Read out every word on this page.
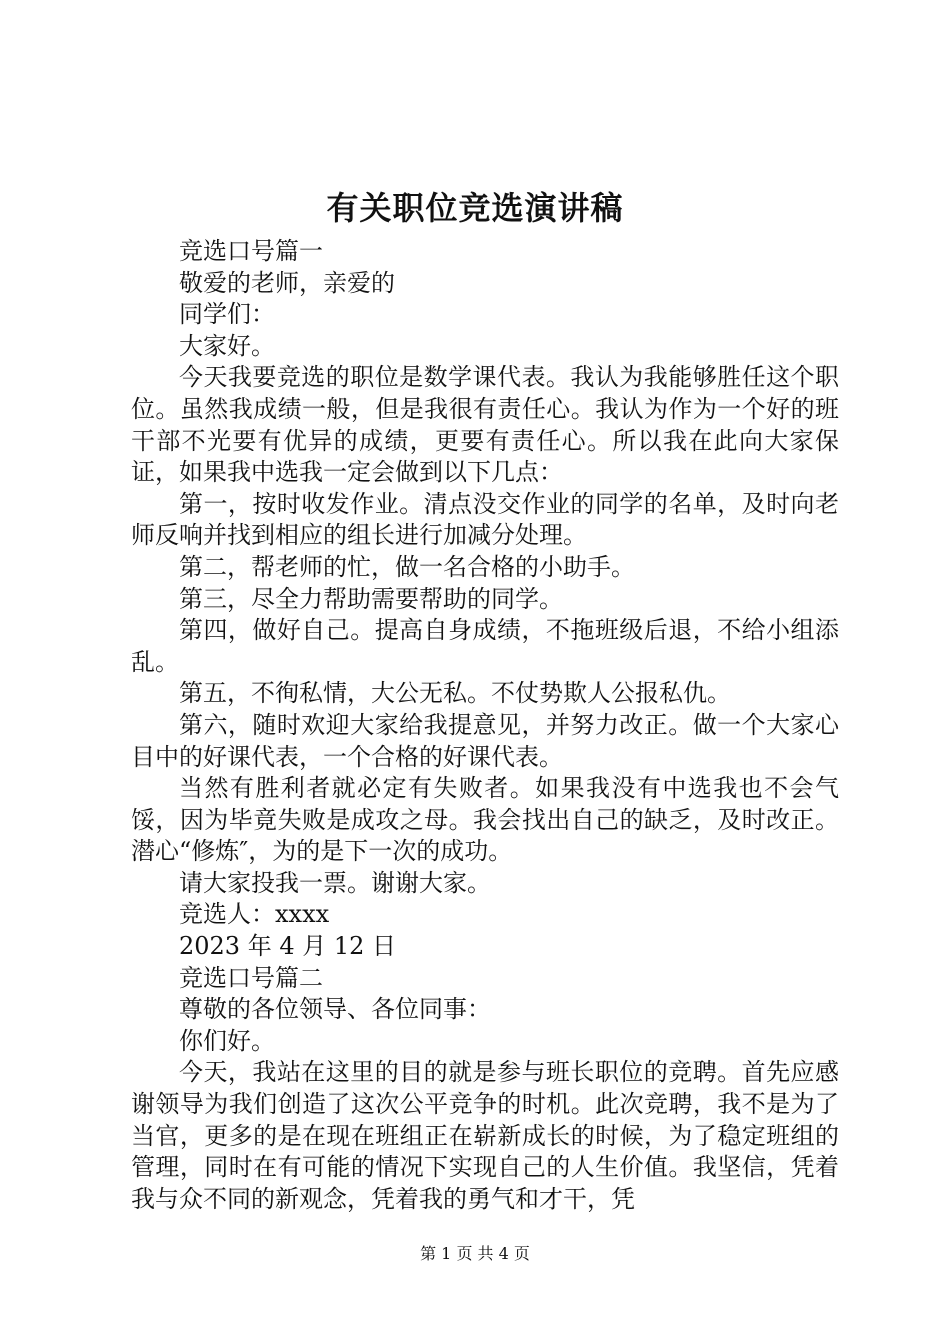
有关职位竞选演讲稿

竞选口号篇一

敬爱的老师，亲爱的

同学们：

大家好。

今天我要竞选的职位是数学课代表。我认为我能够胜任这个职位。虽然我成绩一般，但是我很有责任心。我认为作为一个好的班干部不光要有优异的成绩，更要有责任心。所以我在此向大家保证，如果我中选我一定会做到以下几点：

第一，按时收发作业。清点没交作业的同学的名单，及时向老师反响并找到相应的组长进行加减分处理。

第二，帮老师的忙，做一名合格的小助手。

第三，尽全力帮助需要帮助的同学。

第四，做好自己。提高自身成绩，不拖班级后退，不给小组添乱。

第五，不徇私情，大公无私。不仗势欺人公报私仇。

第六，随时欢迎大家给我提意见，并努力改正。做一个大家心目中的好课代表，一个合格的好课代表。

当然有胜利者就必定有失败者。如果我没有中选我也不会气馁，因为毕竟失败是成攻之母。我会找出自己的缺乏，及时改正。潜心“修炼″，为的是下一次的成功。

请大家投我一票。谢谢大家。

竞选人：xxxx

2023 年 4 月 12 日

竞选口号篇二

尊敬的各位领导、各位同事：

你们好。

今天，我站在这里的目的就是参与班长职位的竞聘。首先应感谢领导为我们创造了这次公平竞争的时机。此次竞聘，我不是为了当官，更多的是在现在班组正在崭新成长的时候，为了稳定班组的管理，同时在有可能的情况下实现自己的人生价值。我坚信，凭着我与众不同的新观念，凭着我的勇气和才干，凭

第 1 页 共 4 页
